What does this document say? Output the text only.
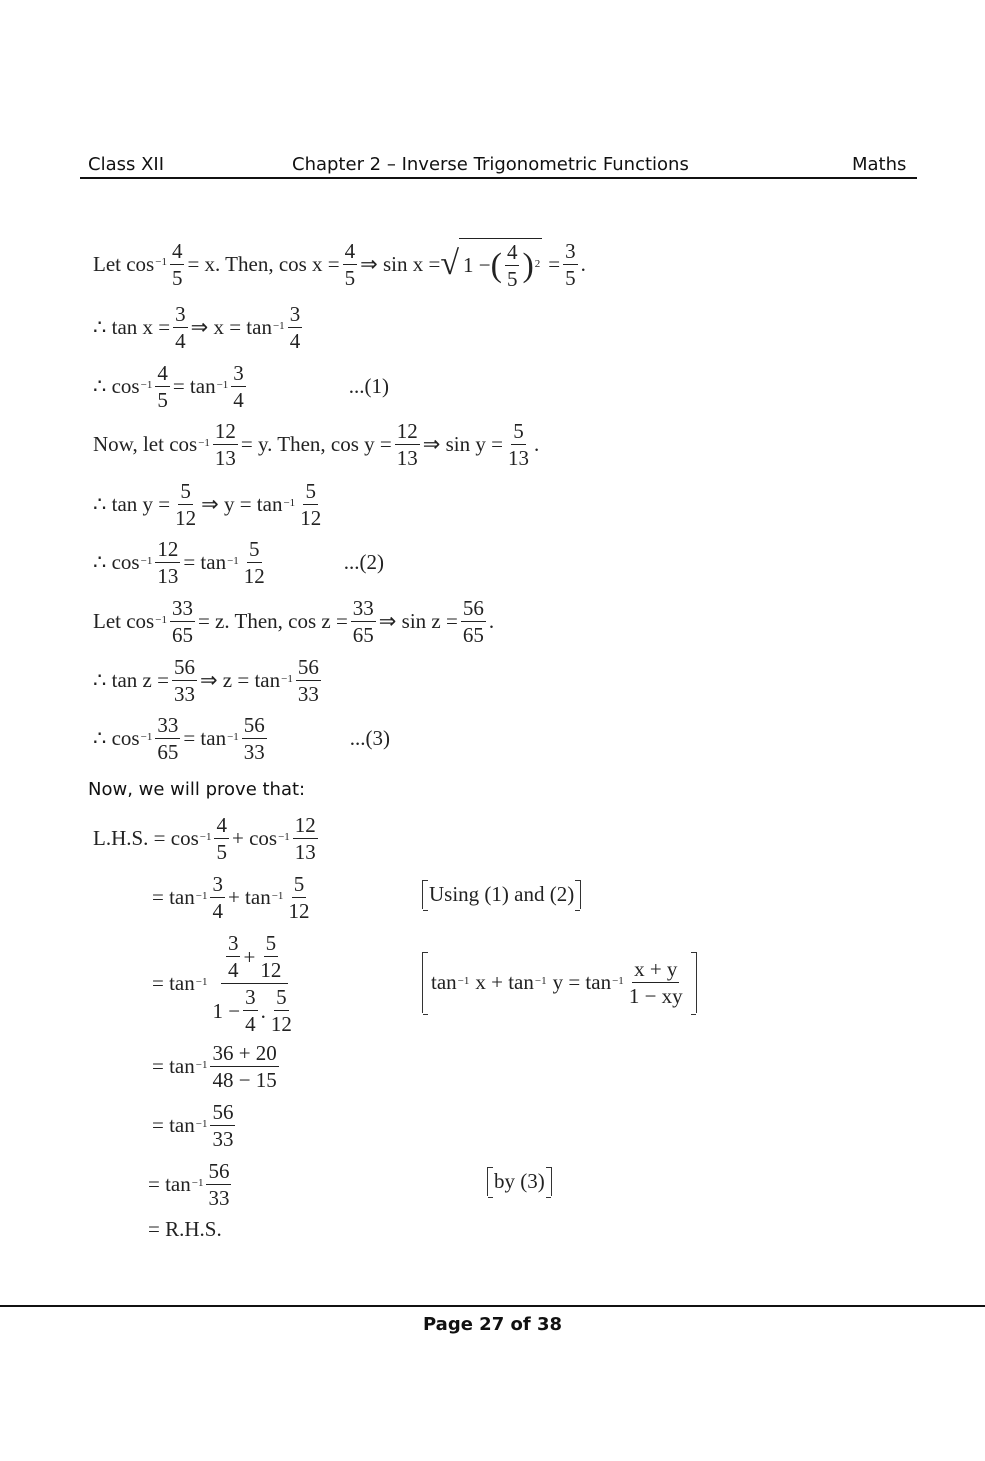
Class XII	Chapter 2 – Inverse Trigonometric Functions	Maths
Let $\cos^{-1} \frac{4}{5} = x$. Then, $\cos x = \frac{4}{5}$ ⇒ sin x = √ 1 − ( $\frac{4}{5} )^2 = \frac{3}{5}$ .
∴ $\tan x = \frac{3}{4}$ ⇒ $x = \tan^{-1} \frac{3}{4}$
∴ $\cos^{-1} \frac{4}{5} = \tan^{-1} \frac{3}{4}$	...(1)
Now, let $\cos^{-1} \frac{12}{13} = y$. Then, $\cos y = \frac{12}{13}$ ⇒ $\sin y = \frac{5}{13}$ .
∴ $\tan y = \frac{5}{12}$ ⇒ $y = \tan^{-1} \frac{5}{12}$
∴ $\cos^{-1} \frac{12}{13} = \tan^{-1} \frac{5}{12}$	...(2)
Let $\cos^{-1} \frac{33}{65} = z$. Then, $\cos z = \frac{33}{65}$ ⇒ $\sin z = \frac{56}{65}$ .
∴ $\tan z = \frac{56}{33}$ ⇒ $z = \tan^{-1} \frac{56}{33}$
∴ $\cos^{-1} \frac{33}{65} = \tan^{-1} \frac{56}{33}$	...(3)
Now, we will prove that:
L.H.S. = $\cos^{-1} \frac{4}{5} + \cos^{-1} \frac{12}{13}$
= $\tan^{-1} \frac{3}{4} + \tan^{-1} \frac{5}{12}$	Using (1) and (2)
= $\tan^{-1} \frac{\frac{3}{4} + \frac{5}{12}}{1 - \frac{3}{4} . \frac{5}{12}}$	$\tan^{-1} x + \tan^{-1} y = \tan^{-1} \frac{x + y}{1 - xy}$
= $\tan^{-1} \frac{36 + 20}{48 - 15}$
= $\tan^{-1} \frac{56}{33}$
= $\tan^{-1} \frac{56}{33}$	by (3)
= R.H.S.
Page 27 of 38
